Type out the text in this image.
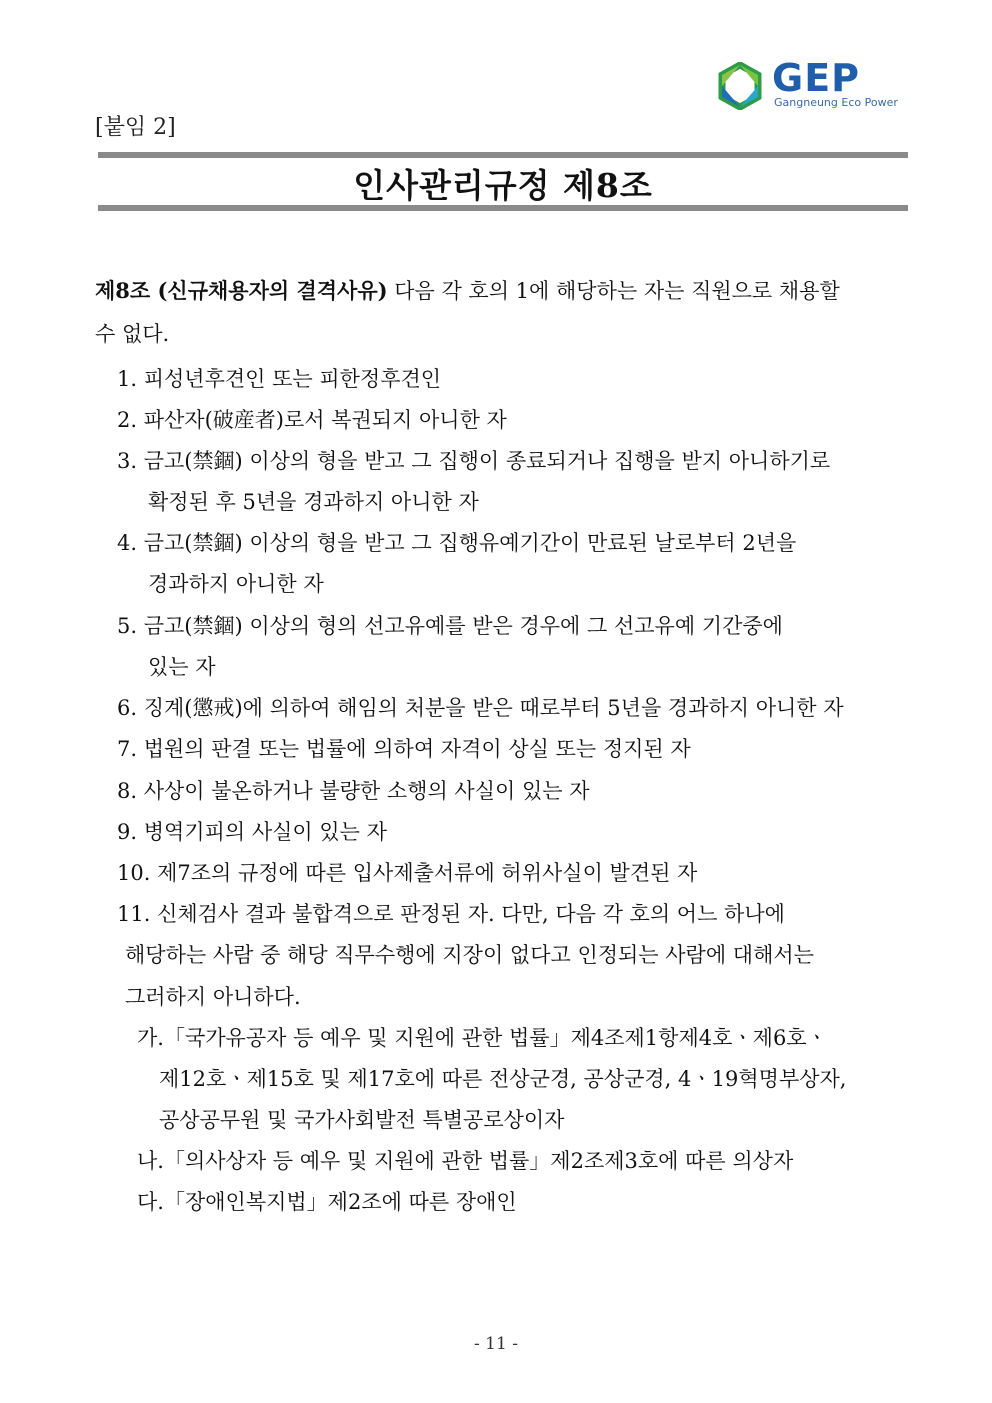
GEP
Gangneung Eco Power
[붙임 2]
인사관리규정 제8조
제8조 (신규채용자의 결격사유) 다음 각 호의 1에 해당하는 자는 직원으로 채용할
수 없다.
1. 피성년후견인 또는 피한정후견인
2. 파산자(破産者)로서 복권되지 아니한 자
3. 금고(禁錮) 이상의 형을 받고 그 집행이 종료되거나 집행을 받지 아니하기로
확정된 후 5년을 경과하지 아니한 자
4. 금고(禁錮) 이상의 형을 받고 그 집행유예기간이 만료된 날로부터 2년을
경과하지 아니한 자
5. 금고(禁錮) 이상의 형의 선고유예를 받은 경우에 그 선고유예 기간중에
있는 자
6. 징계(懲戒)에 의하여 해임의 처분을 받은 때로부터 5년을 경과하지 아니한 자
7. 법원의 판결 또는 법률에 의하여 자격이 상실 또는 정지된 자
8. 사상이 불온하거나 불량한 소행의 사실이 있는 자
9. 병역기피의 사실이 있는 자
10. 제7조의 규정에 따른 입사제출서류에 허위사실이 발견된 자
11. 신체검사 결과 불합격으로 판정된 자. 다만, 다음 각 호의 어느 하나에
해당하는 사람 중 해당 직무수행에 지장이 없다고 인정되는 사람에 대해서는
그러하지 아니하다.
가.「국가유공자 등 예우 및 지원에 관한 법률」제4조제1항제4호ㆍ제6호ㆍ
제12호ㆍ제15호 및 제17호에 따른 전상군경, 공상군경, 4ㆍ19혁명부상자,
공상공무원 및 국가사회발전 특별공로상이자
나.「의사상자 등 예우 및 지원에 관한 법률」제2조제3호에 따른 의상자
다.「장애인복지법」제2조에 따른 장애인
- 11 -
